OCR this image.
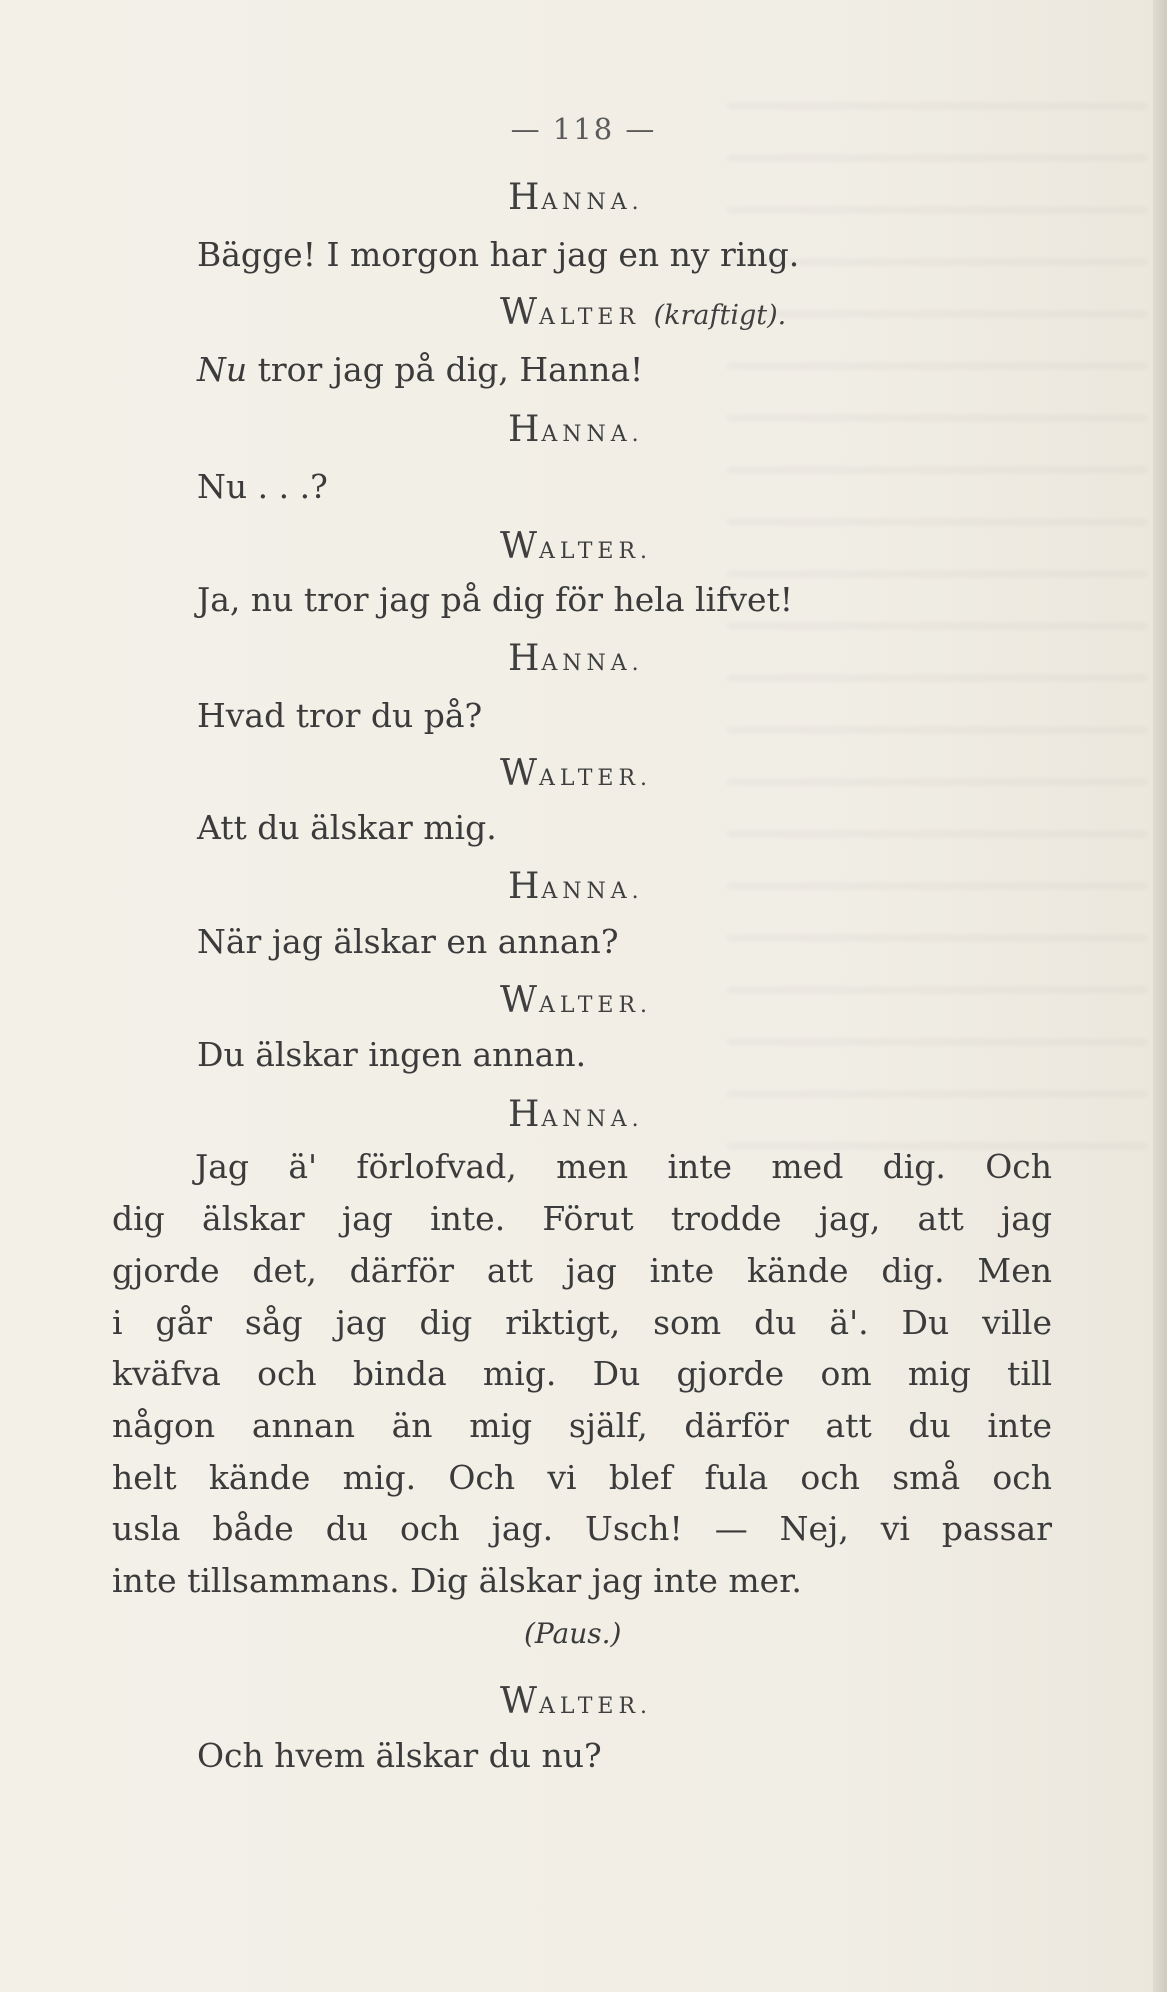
— 118 —
HANNA.
Bägge! I morgon har jag en ny ring.
WALTER (kraftigt).
Nu tror jag på dig, Hanna!
HANNA.
Nu . . .?
WALTER.
Ja, nu tror jag på dig för hela lifvet!
HANNA.
Hvad tror du på?
WALTER.
Att du älskar mig.
HANNA.
När jag älskar en annan?
WALTER.
Du älskar ingen annan.
HANNA.
Jag ä' förlofvad, men inte med dig. Och
dig älskar jag inte. Förut trodde jag, att jag
gjorde det, därför att jag inte kände dig. Men
i går såg jag dig riktigt, som du ä'. Du ville
kväfva och binda mig. Du gjorde om mig till
någon annan än mig själf, därför att du inte
helt kände mig. Och vi blef fula och små och
usla både du och jag. Usch! — Nej, vi passar
inte tillsammans. Dig älskar jag inte mer.
(Paus.)
WALTER.
Och hvem älskar du nu?
